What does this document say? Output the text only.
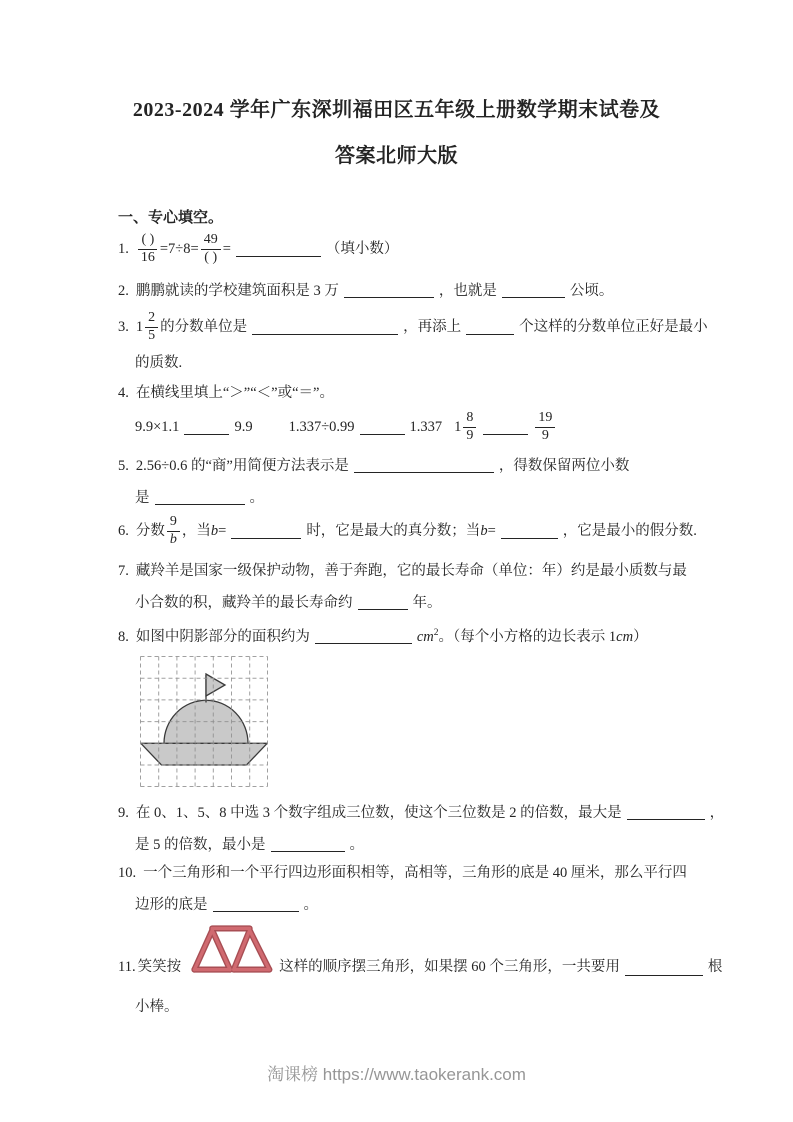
2023-2024 学年广东深圳福田区五年级上册数学期末试卷及
答案北师大版
一、专心填空。
1. $\frac{( )}{16} =7\div 8= \frac{49}{( )}$ =	（填小数）
2. 鹏鹏就读的学校建筑面积是 3 万	，也就是	公顷。
3. $1 \frac{2}{5}$ 的分数单位是	，再添上	个这样的分数单位正好是最小
的质数.
4. 在横线里填上“＞”“＜”或“＝”。
9.9×1.1	9.9 1.337÷0.99	1.337 $1 \frac{8}{9}$	$\frac{19}{9}$
5. 2.56÷0.6 的“商”用简便方法表示是	，得数保留两位小数
是	。
6. 分数 $\frac{9}{b}$ ，当 b =	时，它是最大的真分数；当 b =	，它是最小的假分数.
7. 藏羚羊是国家一级保护动物，善于奔跑，它的最长寿命（单位：年）约是最小质数与最
小合数的积，藏羚羊的最长寿命约	年。
8. 如图中阴影部分的面积约为	$cm^2$。（每个小方格的边长表示 1cm）
9. 在 0、1、5、8 中选 3 个数字组成三位数，使这个三位数是 2 的倍数，最大是	，
是 5 的倍数，最小是	。
10. 一个三角形和一个平行四边形面积相等，高相等，三角形的底是 40 厘米，那么平行四
边形的底是	。
11. 笑笑按	这样的顺序摆三角形，如果摆 60 个三角形，一共要用	根
小棒。
淘课榜 https://www.taokerank.com
